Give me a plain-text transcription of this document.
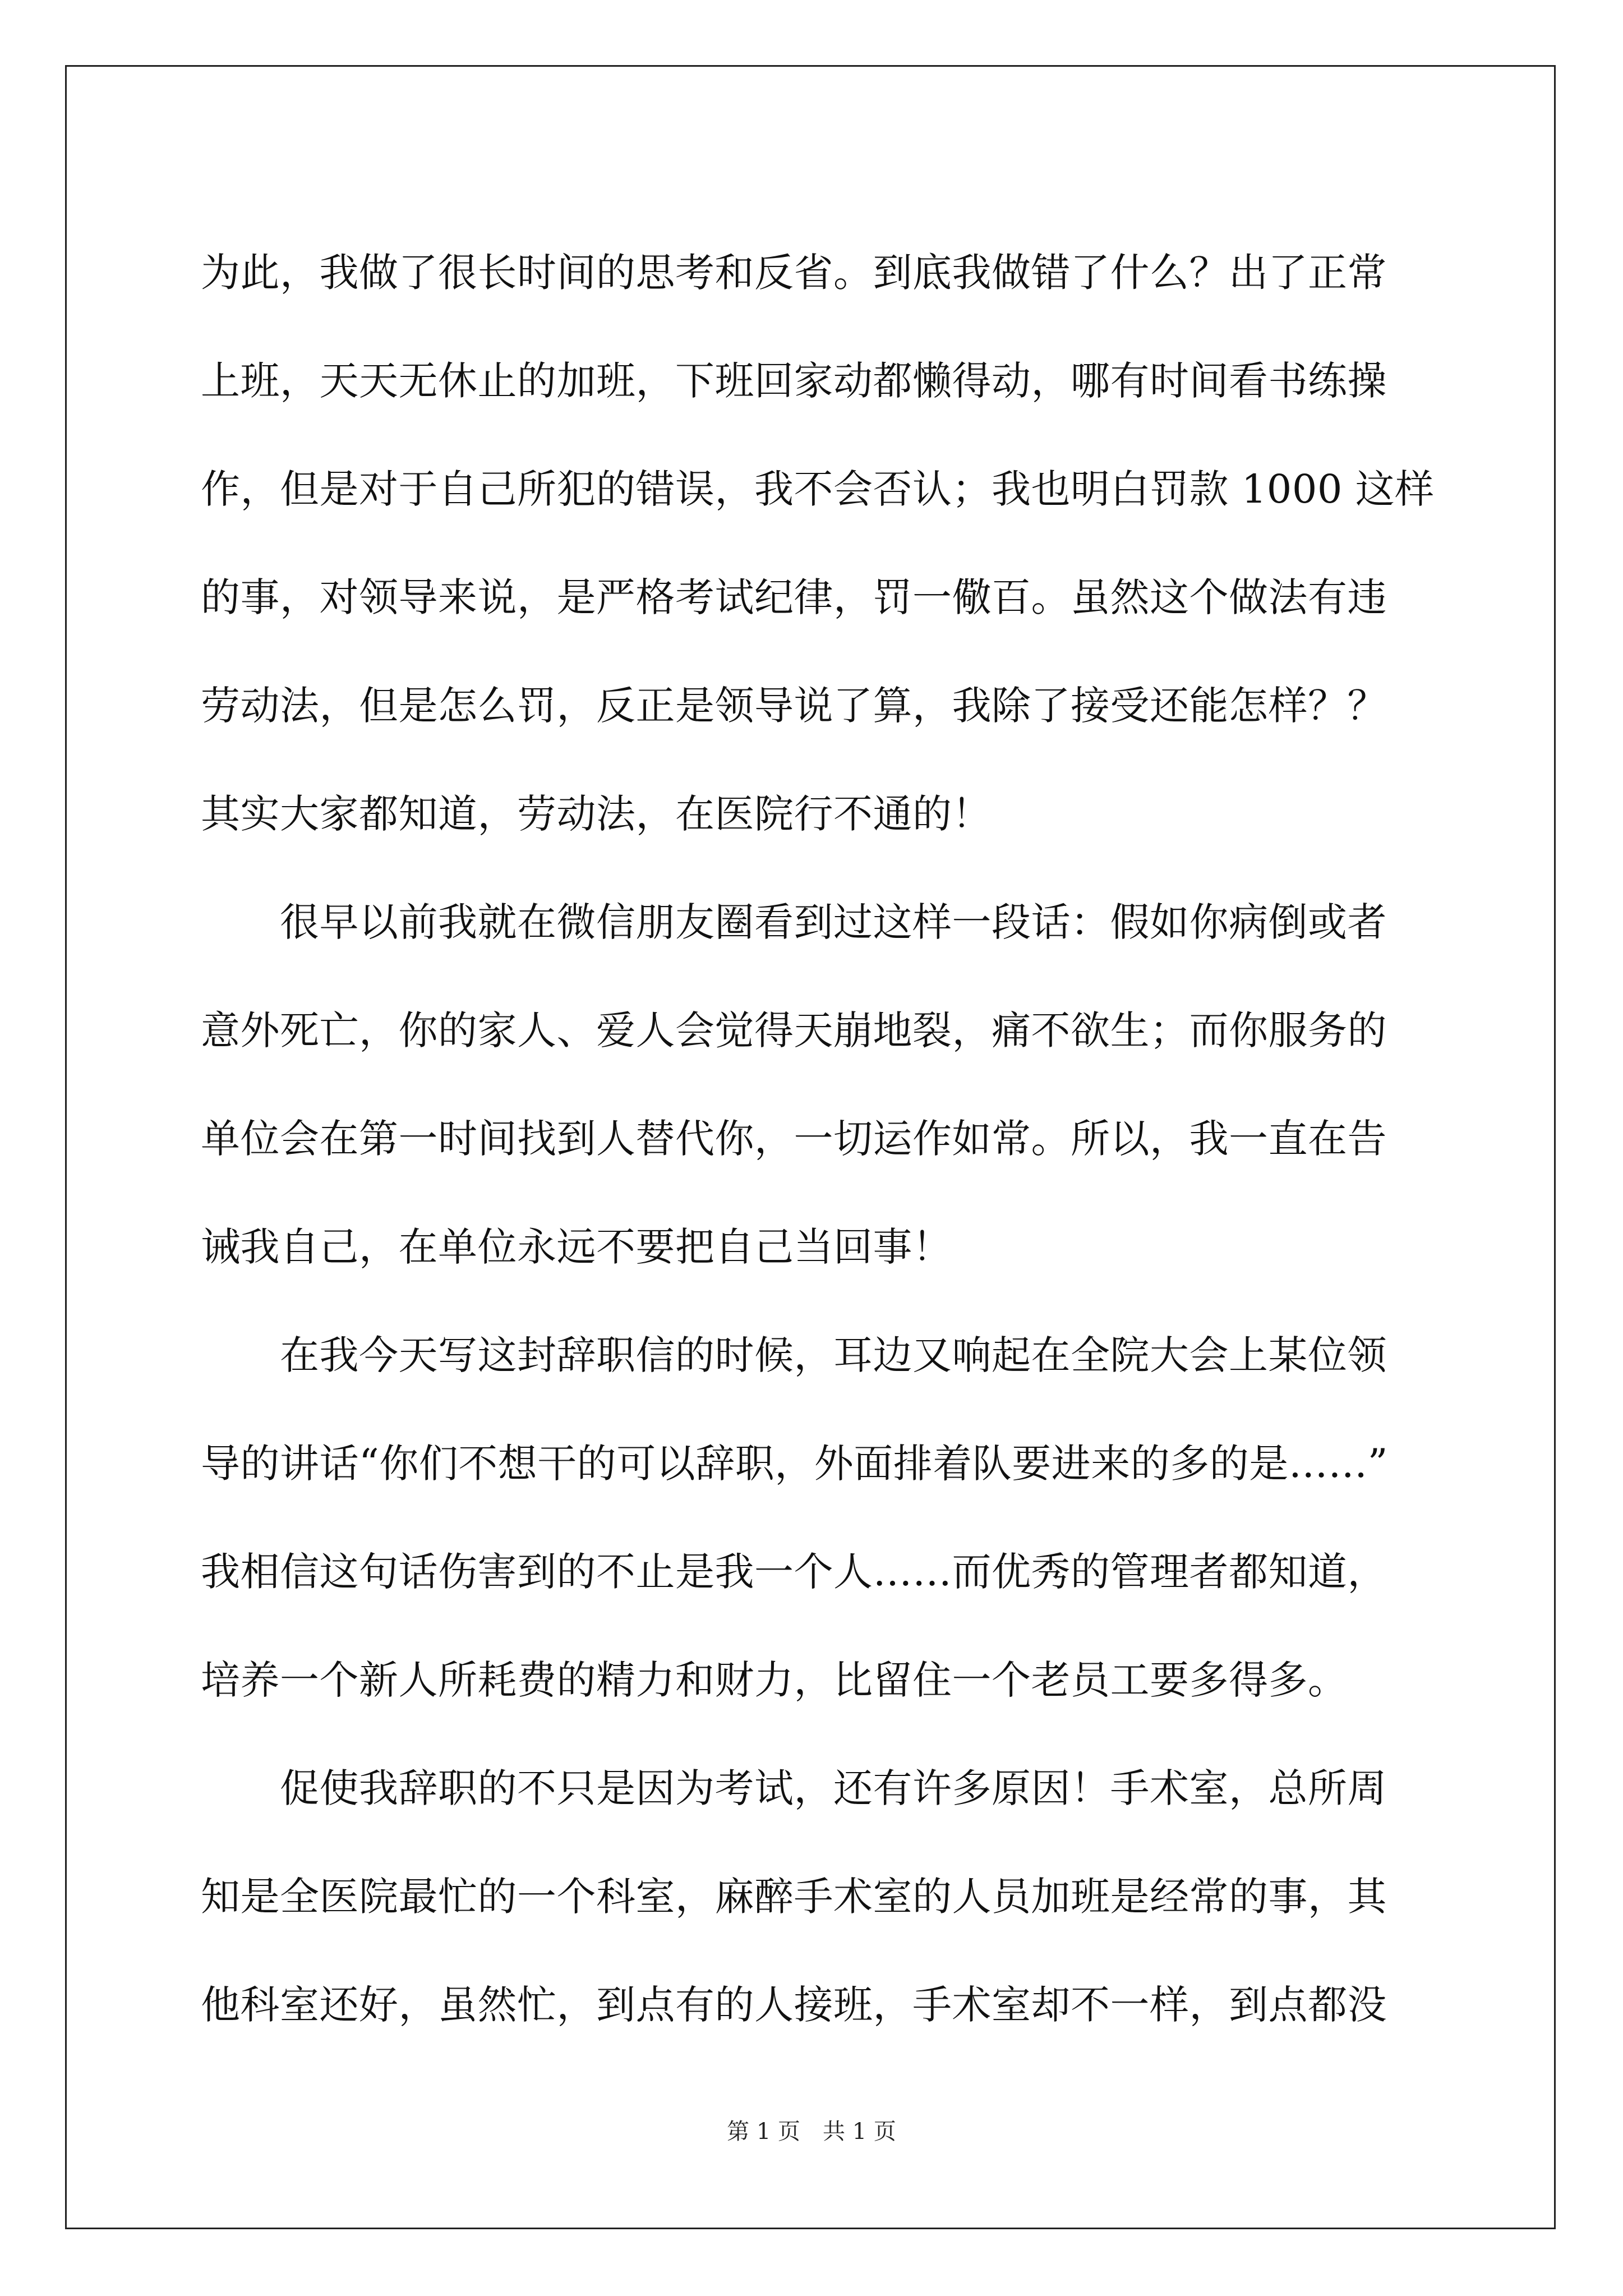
为此，我做了很长时间的思考和反省。到底我做错了什么？出了正常
上班，天天无休止的加班，下班回家动都懒得动，哪有时间看书练操
作，但是对于自己所犯的错误，我不会否认；我也明白罚款 1000 这样
的事，对领导来说，是严格考试纪律，罚一儆百。虽然这个做法有违
劳动法，但是怎么罚，反正是领导说了算，我除了接受还能怎样？？
其实大家都知道，劳动法，在医院行不通的！
　　很早以前我就在微信朋友圈看到过这样一段话：假如你病倒或者
意外死亡，你的家人、爱人会觉得天崩地裂，痛不欲生；而你服务的
单位会在第一时间找到人替代你，一切运作如常。所以，我一直在告
诫我自己，在单位永远不要把自己当回事！
　　在我今天写这封辞职信的时候，耳边又响起在全院大会上某位领
导的讲话“你们不想干的可以辞职，外面排着队要进来的多的是……”
我相信这句话伤害到的不止是我一个人……而优秀的管理者都知道，
培养一个新人所耗费的精力和财力，比留住一个老员工要多得多。
　　促使我辞职的不只是因为考试，还有许多原因！手术室，总所周
知是全医院最忙的一个科室，麻醉手术室的人员加班是经常的事，其
他科室还好，虽然忙，到点有的人接班，手术室却不一样，到点都没
第 1 页　共 1 页
